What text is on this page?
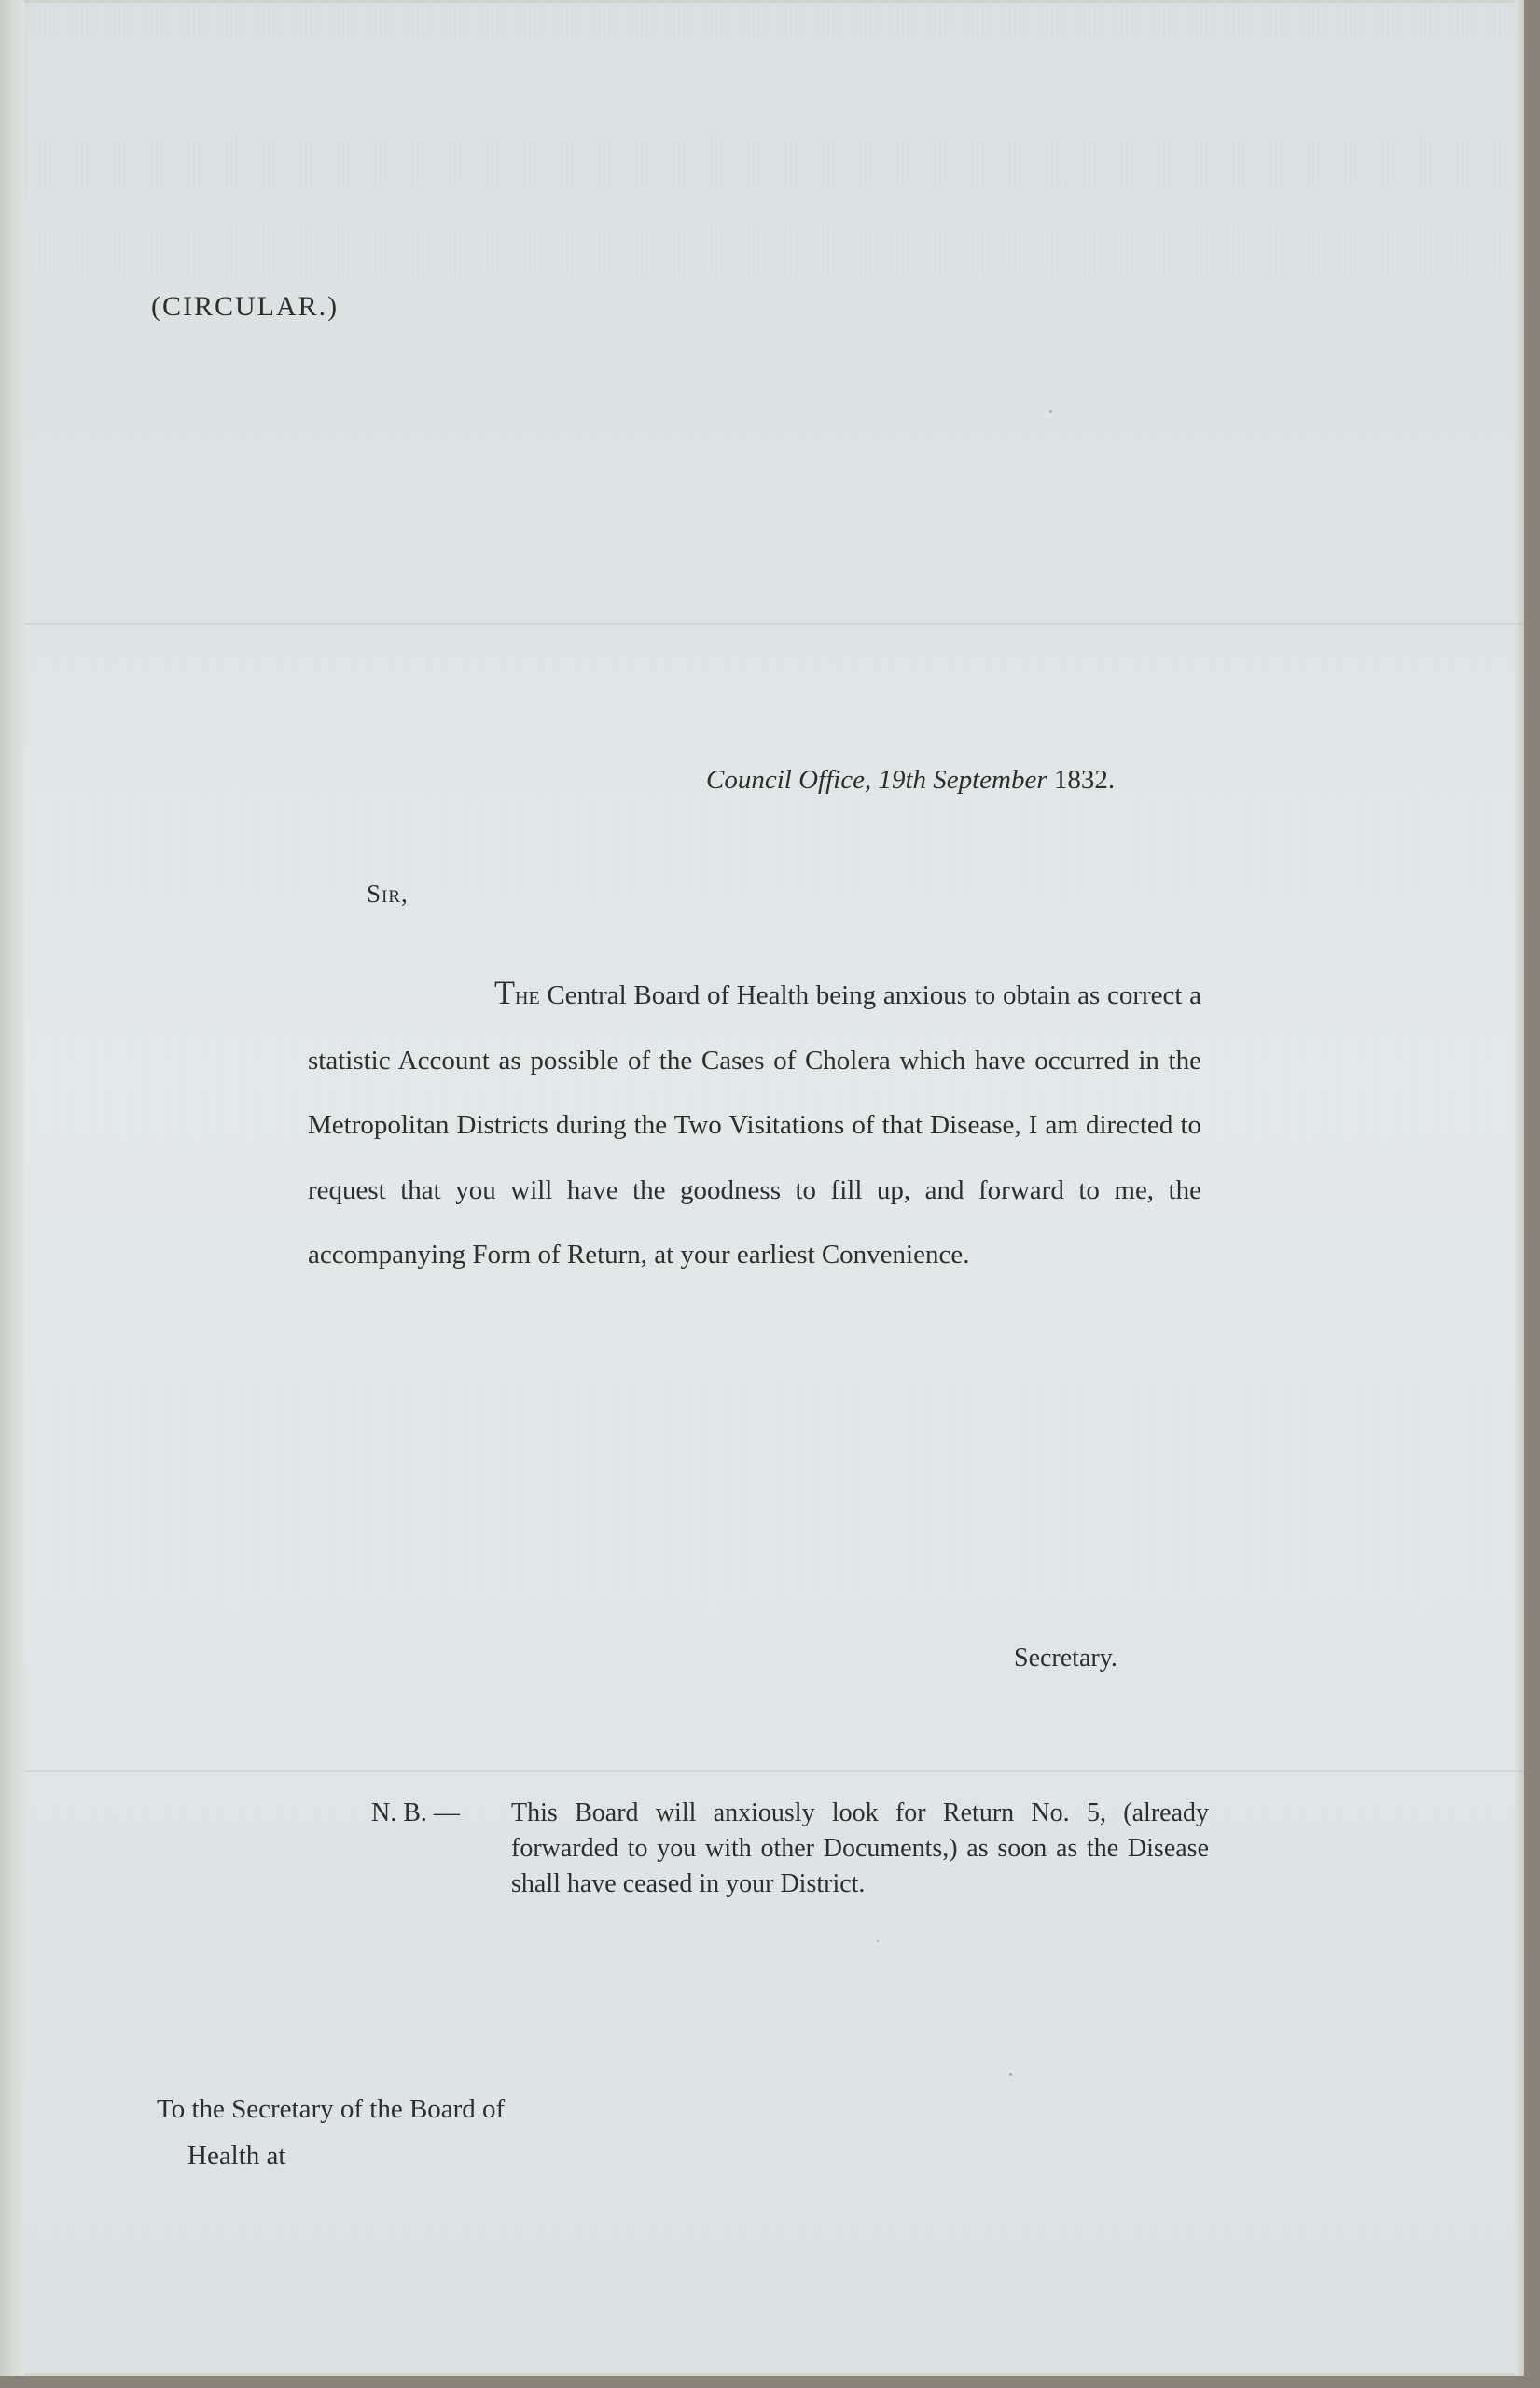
(CIRCULAR.)
Council Office, 19th September 1832.
Sir,
The Central Board of Health being anxious to obtain as correct a statistic Account as possible of the Cases of Cholera which have occurred in the Metropolitan Districts during the Two Visitations of that Disease, I am directed to request that you will have the goodness to fill up, and forward to me, the accompanying Form of Return, at your earliest Convenience.
Secretary.
N. B. —	This Board will anxiously look for Return No. 5, (already forwarded to you with other Documents,) as soon as the Disease shall have ceased in your District.
To the Secretary of the Board of
Health at
